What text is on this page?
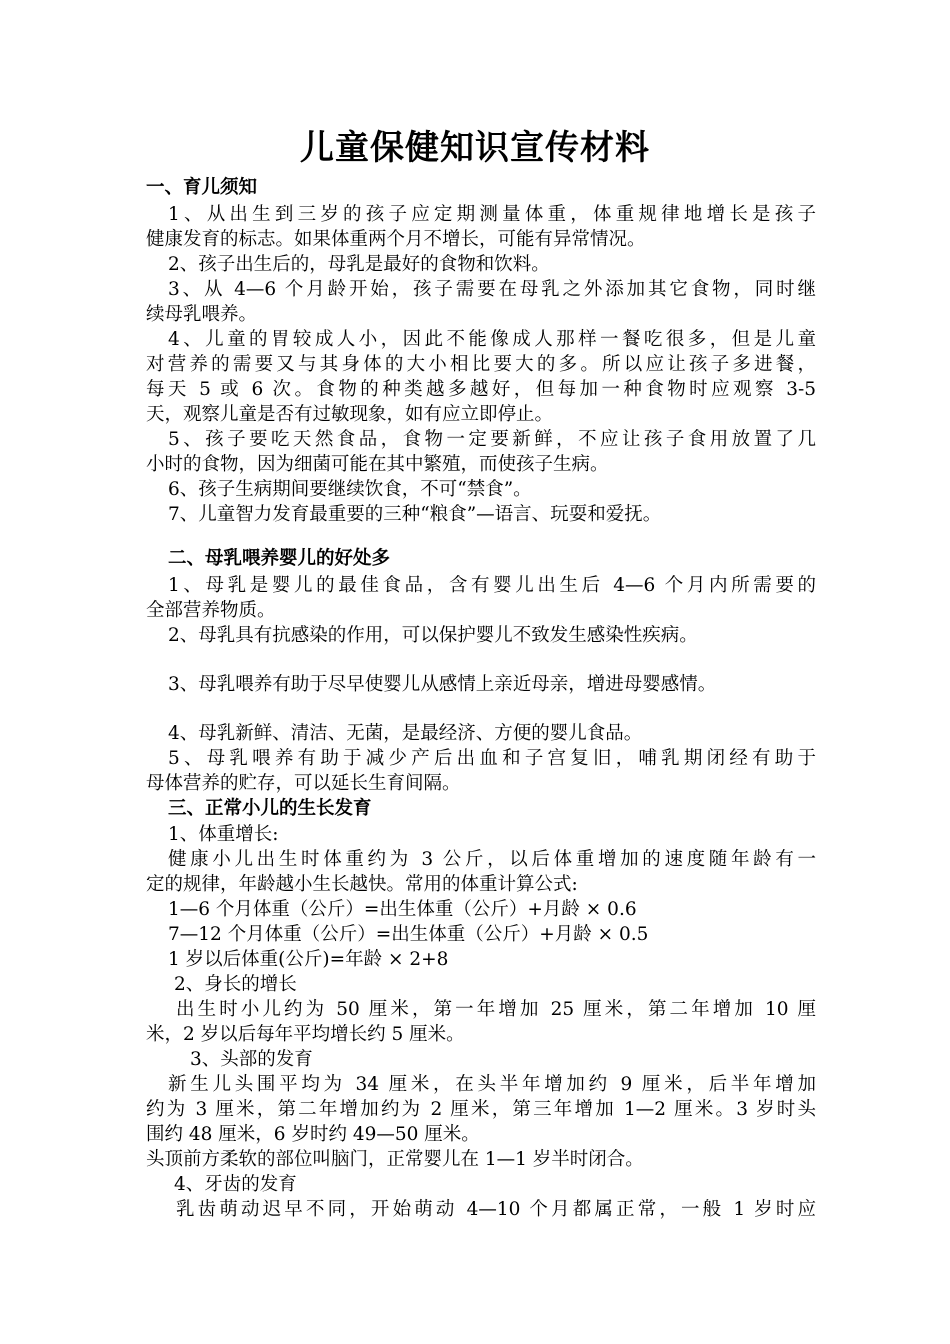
儿童保健知识宣传材料
一、育儿须知
1、从出生到三岁的孩子应定期测量体重，体重规律地增长是孩子
健康发育的标志。如果体重两个月不增长，可能有异常情况。
2、孩子出生后的，母乳是最好的食物和饮料。
3、从 4—6 个月龄开始，孩子需要在母乳之外添加其它食物，同时继
续母乳喂养。
4、儿童的胃较成人小，因此不能像成人那样一餐吃很多，但是儿童
对营养的需要又与其身体的大小相比要大的多。所以应让孩子多进餐，
每天 5 或 6 次。食物的种类越多越好，但每加一种食物时应观察 3-5
天，观察儿童是否有过敏现象，如有应立即停止。
5、孩子要吃天然食品，食物一定要新鲜，不应让孩子食用放置了几
小时的食物，因为细菌可能在其中繁殖，而使孩子生病。
6、孩子生病期间要继续饮食，不可“禁食”。
7、儿童智力发育最重要的三种“粮食”—语言、玩耍和爱抚。
二、母乳喂养婴儿的好处多
1、母乳是婴儿的最佳食品，含有婴儿出生后 4—6 个月内所需要的
全部营养物质。
2、母乳具有抗感染的作用，可以保护婴儿不致发生感染性疾病。
3、母乳喂养有助于尽早使婴儿从感情上亲近母亲，增进母婴感情。
4、母乳新鲜、清洁、无菌，是最经济、方便的婴儿食品。
5、母乳喂养有助于减少产后出血和子宫复旧，哺乳期闭经有助于
母体营养的贮存，可以延长生育间隔。
三、正常小儿的生长发育
1、体重增长:
健康小儿出生时体重约为 3 公斤，以后体重增加的速度随年龄有一
定的规律，年龄越小生长越快。常用的体重计算公式:
1—6 个月体重（公斤）=出生体重（公斤）+月龄 × 0.6
7—12 个月体重（公斤）=出生体重（公斤）+月龄 × 0.5
1 岁以后体重(公斤)=年龄 × 2+8
2、身长的增长
出生时小儿约为 50 厘米，第一年增加 25 厘米，第二年增加 10 厘
米，2 岁以后每年平均增长约 5 厘米。
3、头部的发育
新生儿头围平均为 34 厘米，在头半年增加约 9 厘米，后半年增加
约为 3 厘米，第二年增加约为 2 厘米，第三年增加 1—2 厘米。3 岁时头
围约 48 厘米，6 岁时约 49—50 厘米。
头顶前方柔软的部位叫脑门，正常婴儿在 1—1 岁半时闭合。
4、牙齿的发育
乳齿萌动迟早不同，开始萌动 4—10 个月都属正常，一般 1 岁时应
